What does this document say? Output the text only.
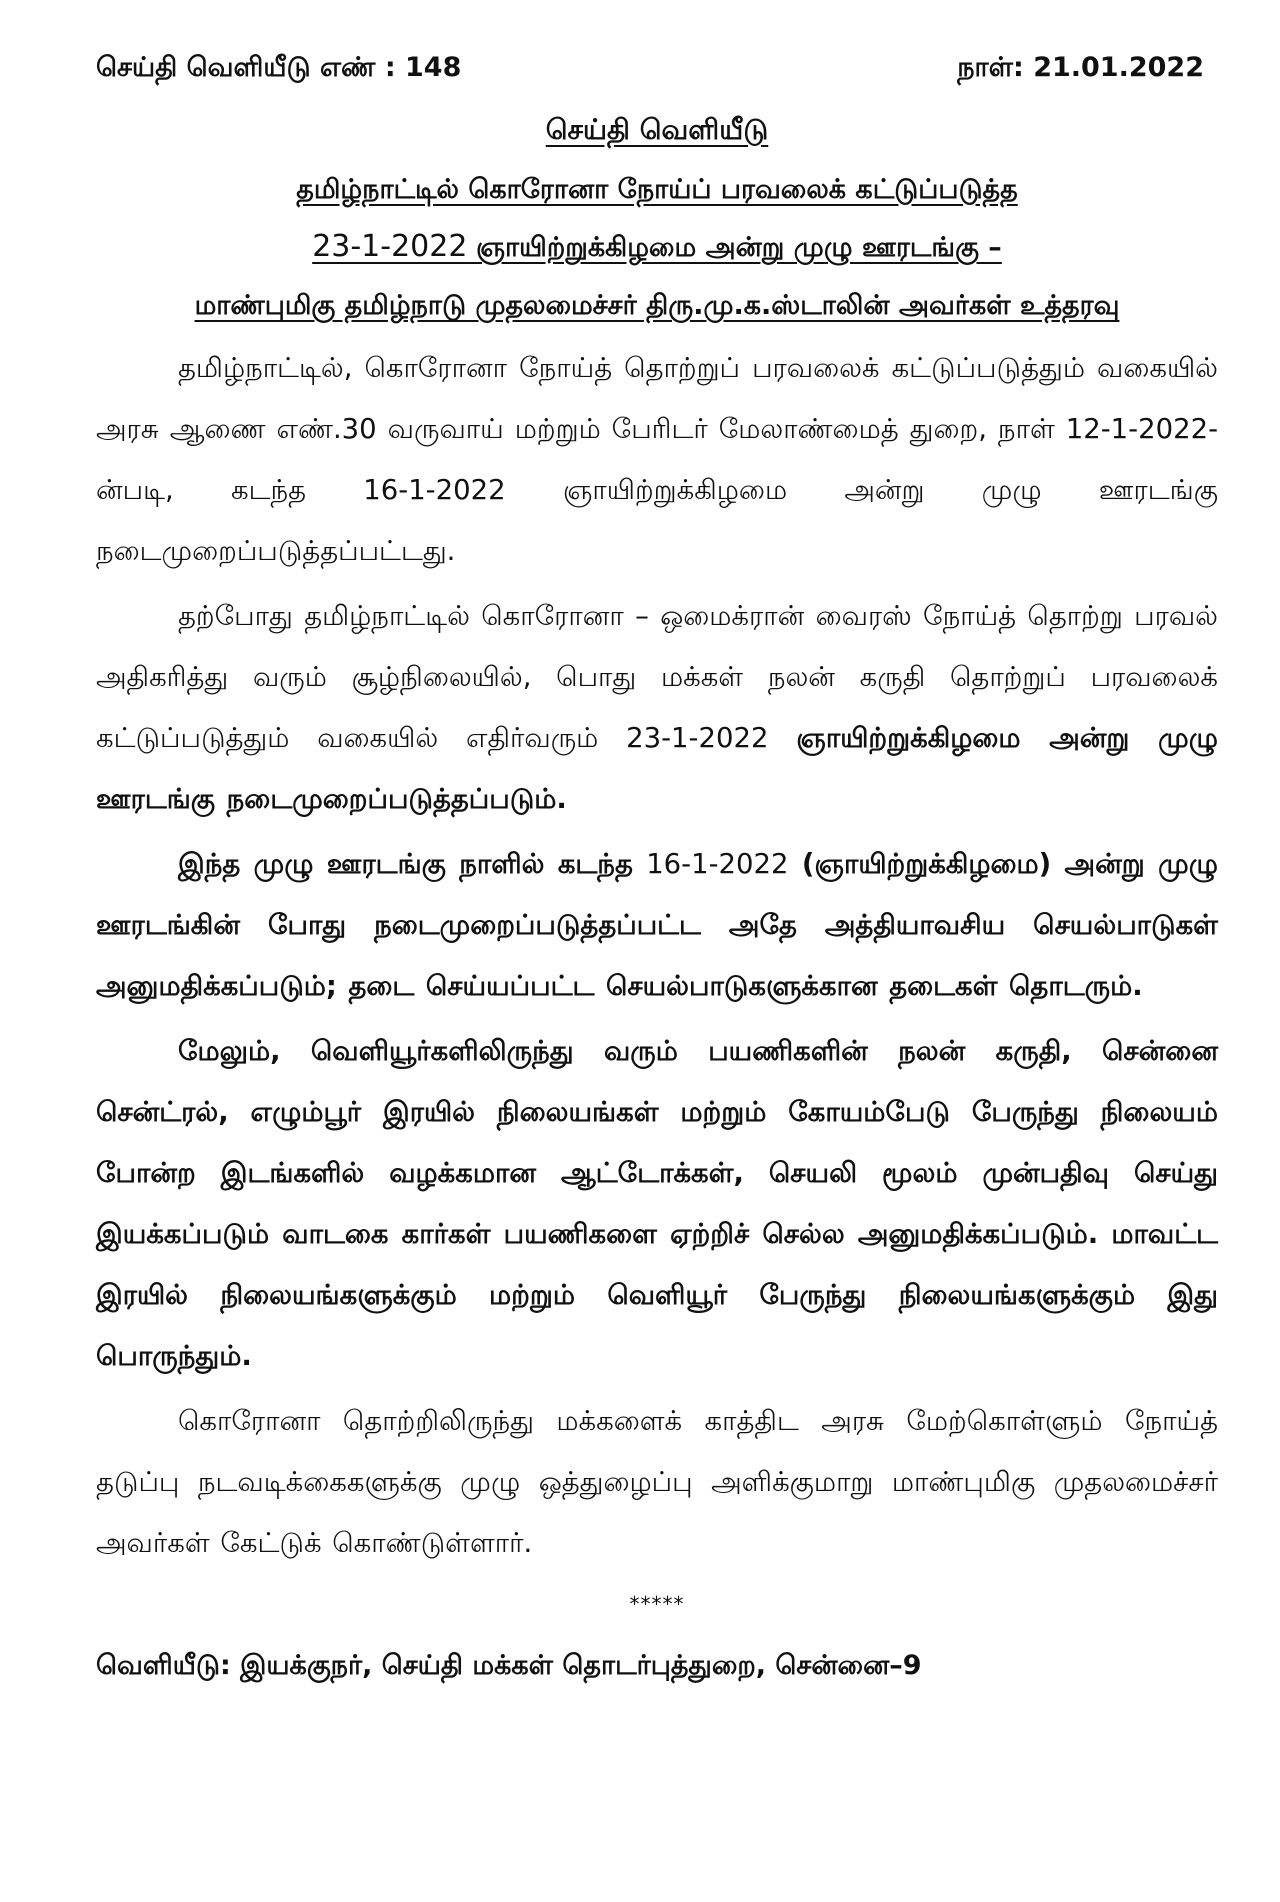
செய்தி வெளியீடு எண் : 148	நாள்: 21.01.2022

செய்தி வெளியீடு

தமிழ்நாட்டில் கொரோனா நோய்ப் பரவலைக் கட்டுப்படுத்த

23-1-2022 ஞாயிற்றுக்கிழமை அன்று முழு ஊரடங்கு –

மாண்புமிகு தமிழ்நாடு முதலமைச்சர் திரு.மு.க.ஸ்டாலின் அவர்கள் உத்தரவு

தமிழ்நாட்டில், கொரோனா நோய்த் தொற்றுப் பரவலைக் கட்டுப்படுத்தும் வகையில் அரசு ஆணை எண்.30 வருவாய் மற்றும் பேரிடர் மேலாண்மைத் துறை, நாள் 12-1-2022-ன்படி, கடந்த 16-1-2022 ஞாயிற்றுக்கிழமை அன்று முழு ஊரடங்கு நடைமுறைப்படுத்தப்பட்டது.

தற்போது தமிழ்நாட்டில் கொரோனா – ஒமைக்ரான் வைரஸ் நோய்த் தொற்று பரவல் அதிகரித்து வரும் சூழ்நிலையில், பொது மக்கள் நலன் கருதி தொற்றுப் பரவலைக் கட்டுப்படுத்தும் வகையில் எதிர்வரும் 23-1-2022 ஞாயிற்றுக்கிழமை அன்று முழு ஊரடங்கு நடைமுறைப்படுத்தப்படும்.

இந்த முழு ஊரடங்கு நாளில் கடந்த 16-1-2022 (ஞாயிற்றுக்கிழமை) அன்று முழு ஊரடங்கின் போது நடைமுறைப்படுத்தப்பட்ட அதே அத்தியாவசிய செயல்பாடுகள் அனுமதிக்கப்படும்; தடை செய்யப்பட்ட செயல்பாடுகளுக்கான தடைகள் தொடரும்.

மேலும், வெளியூர்களிலிருந்து வரும் பயணிகளின் நலன் கருதி, சென்னை சென்ட்ரல், எழும்பூர் இரயில் நிலையங்கள் மற்றும் கோயம்பேடு பேருந்து நிலையம் போன்ற இடங்களில் வழக்கமான ஆட்டோக்கள், செயலி மூலம் முன்பதிவு செய்து இயக்கப்படும் வாடகை கார்கள் பயணிகளை ஏற்றிச் செல்ல அனுமதிக்கப்படும். மாவட்ட இரயில் நிலையங்களுக்கும் மற்றும் வெளியூர் பேருந்து நிலையங்களுக்கும் இது பொருந்தும்.

கொரோனா தொற்றிலிருந்து மக்களைக் காத்திட அரசு மேற்கொள்ளும் நோய்த் தடுப்பு நடவடிக்கைகளுக்கு முழு ஒத்துழைப்பு அளிக்குமாறு மாண்புமிகு முதலமைச்சர் அவர்கள் கேட்டுக் கொண்டுள்ளார்.

*****
வெளியீடு: இயக்குநர், செய்தி மக்கள் தொடர்புத்துறை, சென்னை–9
